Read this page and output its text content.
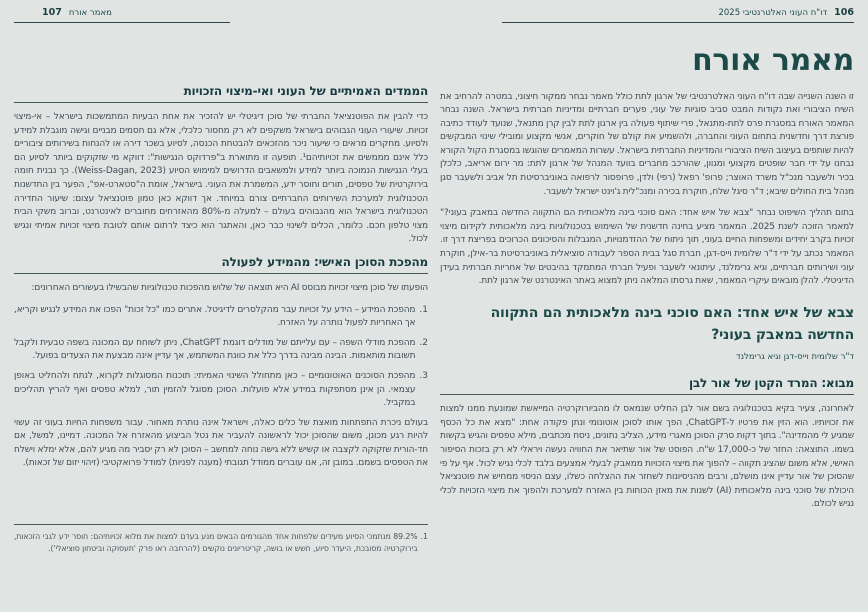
107 מאמר אורח
הממדים האמיתיים של העוני ואי-מיצוי הזכויות

כדי להבין את הפוטנציאל החברתי של סוכן דיגיטלי יש להזכיר את אחת הבעיות המתמשכות בישראל – אי-מיצוי זכויות. שיעורי העוני הגבוהים בישראל משקפים לא רק מחסור כלכלי, אלא גם חסמים מבניים וגישה מוגבלת למידע ולסיוע. מחקרים מראים כי שיעור ניכר מהזכאים להבטחת הכנסה, לסיוע בשכר דירה או להנחות בשירותים ציבוריים כלל אינם מממשים את זכויותיהם¹. תופעה זו מתוארת ב"פרדוקס הנגישות": דווקא מי שזקוקים ביותר לסיוע הם בעלי הנגישות הנמוכה ביותר למידע ולמשאבים הדרושים למימוש הסיוע (Weiss-Dagan, 2023). כך נבנית חומה בירוקרטית של טפסים, תורים וחוסר ידע, המשמרת את העוני. בישראל, אומת ה"סטארט-אפ", הפער בין החדשנות הטכנולוגית למערכת השירותים החברתיים צורם במיוחד. אך דווקא כאן טמון פוטנציאל עצום: שיעור החדירה הטכנולוגית בישראל הוא מהגבוהים בעולם – למעלה מ-80% מהאזרחים מחוברים לאינטרנט, וברוב משקי הבית מצוי טלפון חכם. כלומר, הכלים לשינוי כבר כאן, והאתגר הוא כיצד לרתום אותם לטובת מיצוי זכויות אמיתי ונגיש לכול.

מהפכת הסוכן האישי: מהמידע לפעולה

הופעתו של סוכן מיצוי זכויות מבוסס AI היא תוצאה של שלוש מהפכות טכנולוגיות שהבשילו בעשורים האחרונים:

1.
מהפכת המידע – הידע על זכויות עבר מהקלסרים לדיגיטל. אתרים כמו "כל זכות" הפכו את המידע לנגיש וקריא, אך האחריות לפעול נותרה על האזרח.
2.
מהפכת מודלי השפה – עם עלייתם של מודלים דוגמת ChatGPT, ניתן לשוחח עם המכונה בשפה טבעית ולקבל תשובות מותאמות. הבינה מבינה בדרך כלל את כוונת המשתמש, אך עדיין אינה מבצעת את הצעדים בפועל.
3.
מהפכת הסוכנים האוטונומיים – כאן מתחולל השינוי האמיתי: תוכנות המסוגלות לקרוא, לנתח ולהחליט באופן עצמאי. הן אינן מסתפקות במידע אלא פועלות. הסוכן מסוגל להזמין תור, למלא טפסים ואף להריץ תהליכים במקביל.

בעולם ניכרת התפתחות מואצת של כלים כאלה, וישראל אינה נותרת מאחור. עבור משפחות החיות בעוני זה עשוי להיות רגע מכונן, משום שהסוכן יכול לראשונה להעביר את נטל הביצוע מהאזרח אל המכונה. דמיינו, למשל, אם חד-הורית שזקוקה לקצבה או קשיש ללא גישה נוחה למחשב – הסוכן לא רק יסביר מה מגיע להם, אלא ימלא וישלח את הטפסים בשמם. במובן זה, אנו עוברים ממודל תגובתי (מענה לפניות) למודל פרואקטיבי (זיהוי יזום של זכאות).

1.
89.2% מנתמכי הסיוע מעידים שלפחות אחד מהגורמים הבאים מנע בעדם למצות את מלוא זכויותיהם: חוסר ידע לגבי הזכאות, בירוקרטיה מסובכת, היעדר סיוע, חשש או בושה, קריטריונים נוקשים (להרחבה ראו פרק 'תעסוקה וביטחון סוציאלי').
דו"ח העוני האלטרנטיבי 2025 106
מאמר אורח

זו השנה השנייה שבה דו"ח העוני האלטרנטיבי של ארגון לתת כולל מאמר נבחר ממקור חיצוני, במטרה להרחיב את השיח הציבורי ואת נקודות המבט סביב סוגיות של עוני, פערים חברתיים ומדיניות חברתית בישראל. השנה נבחר המאמר האורח במסגרת פרס לתת-מתנאל, פרי שיתוף פעולה בין ארגון לתת לבין קרן מתנאל, שנועד לעודד כתיבה פורצת דרך וחדשנית בתחום העוני והחברה, ולהשמיע את קולם של חוקרים, אנשי מקצוע ומובילי שינוי המבקשים להיות שותפים בעיצוב השיח הציבורי והמדיניות החברתית בישראל. עשרות המאמרים שהוגשו במסגרת הקול הקורא נבחנו על ידי חבר שופטים מקצועי ומגוון, שהורכב מחברים בוועד המנהל של ארגון לתת: מר ירום אריאב, כלכלן בכיר ולשעבר מנכ"ל משרד האוצר; פרופ' רפאל (רפי) ולדן, פרופסור לרפואה באוניברסיטת תל אביב ולשעבר סגן מנהל בית החולים שיבא; ד"ר סיגל שלח, חוקרת בכירה ומנכ"לית ג'וינט ישראל לשעבר.

בתום תהליך השיפוט נבחר "צבא של איש אחד: האם סוכני בינה מלאכותית הם התקווה החדשה במאבק בעוני?" למאמר הזוכה לשנת 2025. המאמר מציע בחינה חדשנית של השימוש בטכנולוגיות בינה מלאכותית לקידום מיצוי זכויות בקרב יחידים ומשפחות החיים בעוני, תוך ניתוח של ההזדמנויות, המגבלות והסיכונים הכרוכים בפריצת דרך זו. המאמר נכתב על ידי ד"ר שלומית וייס-דגן, חברת סגל בבית הספר לעבודה סוציאלית באוניברסיטת בר-אילן, חוקרת עוני ושירותים חברתיים, וגיא גרימלנד, עיתונאי לשעבר ופעיל חברתי המתמקד בהיבטים של אחריות חברתית בעידן הדיגיטלי. להלן מובאים עיקרי המאמר, שאת גרסתו המלאה ניתן למצוא באתר האינטרנט של ארגון לתת.

צבא של איש אחד: האם סוכני בינה מלאכותית הם התקווה החדשה במאבק בעוני?
ד"ר שלומית וייס-דגן וגיא גרימלנד
מבוא: המרד הקטן של אור לבן

לאחרונה, צעיר בקיא בטכנולוגיה בשם אור לבן החליט שנמאס לו מהביורוקרטיה המייאשת שמונעת ממנו למצות את זכויותיו. הוא הזין את פרטיו ל-ChatGPT, הפך אותו לסוכן אוטונומי ונתן פקודה אחת: "מצא את כל הכסף שמגיע לי מהמדינה". בתוך דקות סרק הסוכן מאגרי מידע, הצליב נתונים, ניסח מכתבים, מילא טפסים והגיש בקשות בשמו. התוצאה: החזר של כ-17,000 ש"ח. הפוסט של אור שתיאר את החוויה נעשה ויראלי לא רק בזכות הסיפור האישי, אלא משום שהציג תקווה – להפוך את מיצוי הזכויות ממאבק לבעלי אמצעים בלבד לכלי נגיש לכול. אף על פי שהסוכן של אור עדיין אינו מושלם, ורבים מהניסיונות לשחזר את ההצלחה כשלו, עצם הניסוי ממחיש את פוטנציאל היכולת של סוכני בינה מלאכותית (AI) לשנות את מאזן הכוחות בין האזרח למערכת ולהפוך את מיצוי הזכויות לכלי נגיש לכולם.
